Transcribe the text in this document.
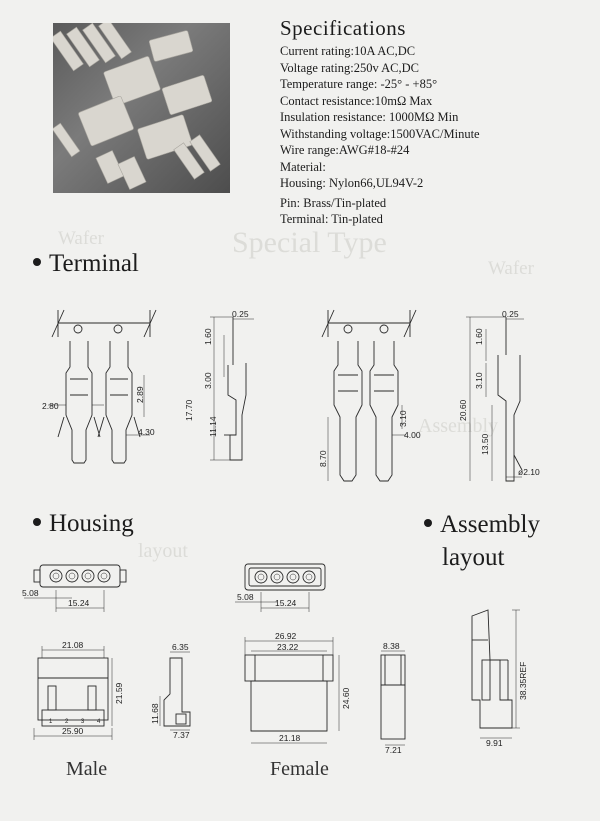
Special Type
Wafer
Wafer
Assembly
layout
Specifications
Current rating:10A AC,DC
Voltage rating:250v AC,DC
Temperature range: -25° - +85°
Contact resistance:10mΩ Max
Insulation resistance: 1000MΩ Min
Withstanding voltage:1500VAC/Minute
Wire range:AWG#18-#24
Material:
Housing: Nylon66,UL94V-2
Pin: Brass/Tin-plated
Terminal: Tin-plated
Terminal
Housing	Assembly
layout
2.80
2.89
4.30
0.25
1.60
3.00
17.70
11.14
8.70
3.10
4.00
0.25
1.60
3.10
20.60
13.50
ø2.10
5.08
15.24
5.08
15.24
21.08
21.59
25.90
1 2 3 4
6.35
11.68
7.37
26.92
23.22
24.60
21.18
8.38
7.21
38.35REF
9.91
Male	Female
